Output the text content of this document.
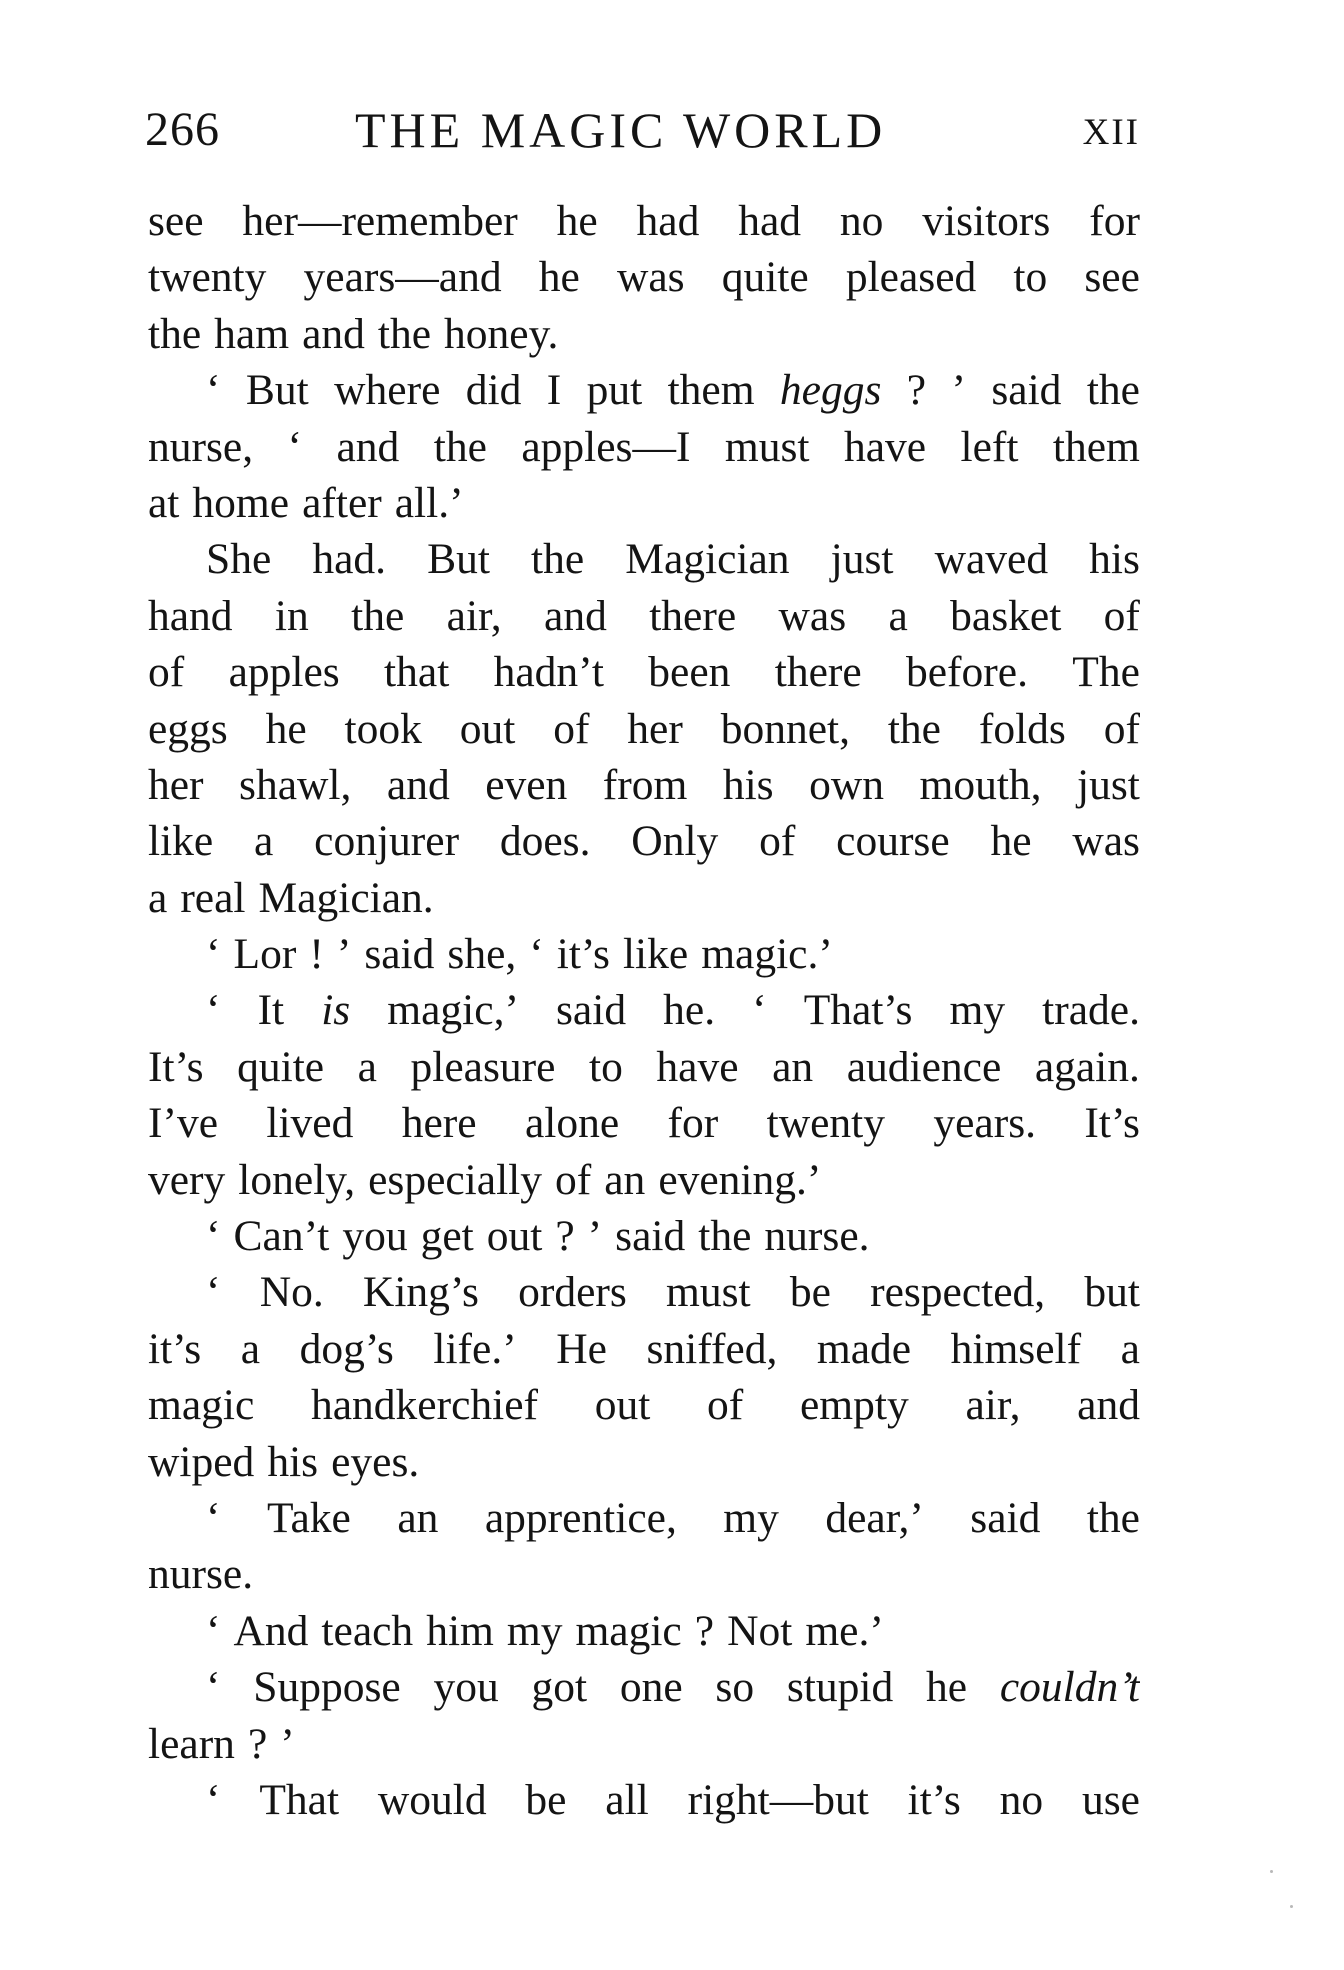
266	THE MAGIC WORLD	XII
see her—remember he had had no visitors for
twenty years—and he was quite pleased to see
the ham and the honey.
‘ But where did I put them heggs ? ’ said the
nurse, ‘ and the apples—I must have left them
at home after all.’
She had. But the Magician just waved his
hand in the air, and there was a basket of
of apples that hadn’t been there before. The
eggs he took out of her bonnet, the folds of
her shawl, and even from his own mouth, just
like a conjurer does. Only of course he was
a real Magician.
‘ Lor ! ’ said she, ‘ it’s like magic.’
‘ It is magic,’ said he. ‘ That’s my trade.
It’s quite a pleasure to have an audience again.
I’ve lived here alone for twenty years. It’s
very lonely, especially of an evening.’
‘ Can’t you get out ? ’ said the nurse.
‘ No. King’s orders must be respected, but
it’s a dog’s life.’ He sniffed, made himself a
magic handkerchief out of empty air, and
wiped his eyes.
‘ Take an apprentice, my dear,’ said the
nurse.
‘ And teach him my magic ? Not me.’
‘ Suppose you got one so stupid he couldn’t
learn ? ’
‘ That would be all right—but it’s no use
